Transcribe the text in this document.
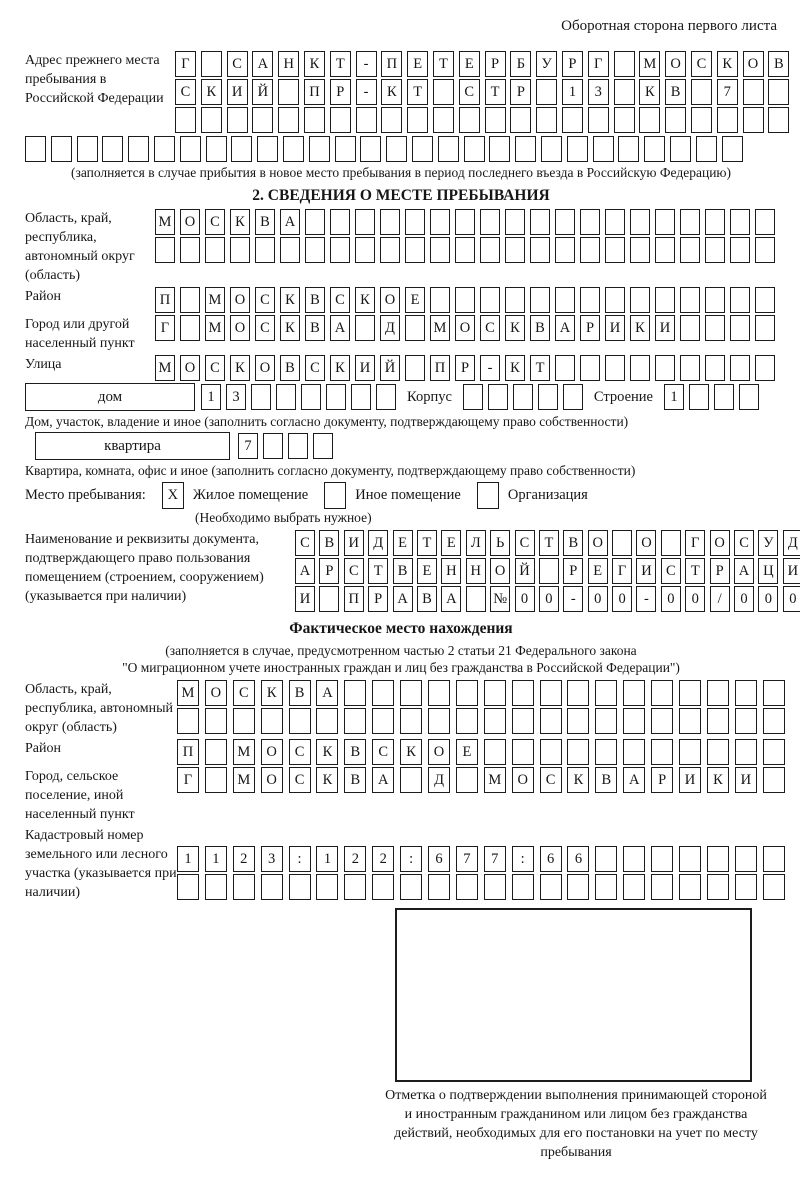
Оборотная сторона первого листа
Адрес прежнего места пребывания в Российской Федерации
Г	С	А	Н	К	Т	-	П	Е	Т	Е	Р	Б	У	Р	Г	М О	С	К	О	В
С	К	И	Й	П	Р	-	К	Т	С	Т	Р	1	3	К	В	7
(заполняется в случае прибытия в новое место пребывания в период последнего въезда в Российскую Федерацию)
2. СВЕДЕНИЯ О МЕСТЕ ПРЕБЫВАНИЯ
Область, край, республика, автономный округ (область)
М О	С	К	В	А
Район	П	М О	С	К	В	С	К	О	Е
Город или другой населенный пункт
Г	М О	С	К	В	А	Д	М О	С	К	В	А	Р	И	К	И
Улица	М О	С	К	О	В	С	К	И	Й	П	Р	-	К	Т
дом	1	3	Корпус	Строение	1
Дом, участок, владение и иное (заполнить согласно документу, подтверждающему право собственности)
квартира	7
Квартира, комната, офис и иное (заполнить согласно документу, подтверждающему право собственности)
Место пребывания:	X	Жилое помещение	Иное помещение	Организация
(Необходимо выбрать нужное)
Наименование и реквизиты документа, подтверждающего право пользования помещением (строением, сооружением) (указывается при наличии)
С	В И Д	Е	Т	Е	Л	Ь	С	Т	В О	О	Г	О С У Д
А	Р	С	Т	В	Е	Н Н О Й	Р	Е	Г	И С	Т	Р	А Ц И
И	П	Р	А В А	№ 0	0	-	0	0	-	0	0	/	0	0	0
Фактическое место нахождения
(заполняется в случае, предусмотренном частью 2 статьи 21 Федерального закона
"О миграционном учете иностранных граждан и лиц без гражданства в Российской Федерации")
Область, край, республика, автономный округ (область)
М	О	С	К	В	А
Район	П	М	О	С	К	В	С	К	О	Е
Город, сельское поселение, иной населенный пункт
Г	М	О	С	К	В	А	Д	М	О	С	К	В	А	Р	И	К	И
Кадастровый номер земельного или лесного участка (указывается при наличии)
1	1	2	3	:	1	2	2	:	6	7	7	:	6	6
Отметка о подтверждении выполнения принимающей стороной и иностранным гражданином или лицом без гражданства действий, необходимых для его постановки на учет по месту пребывания
